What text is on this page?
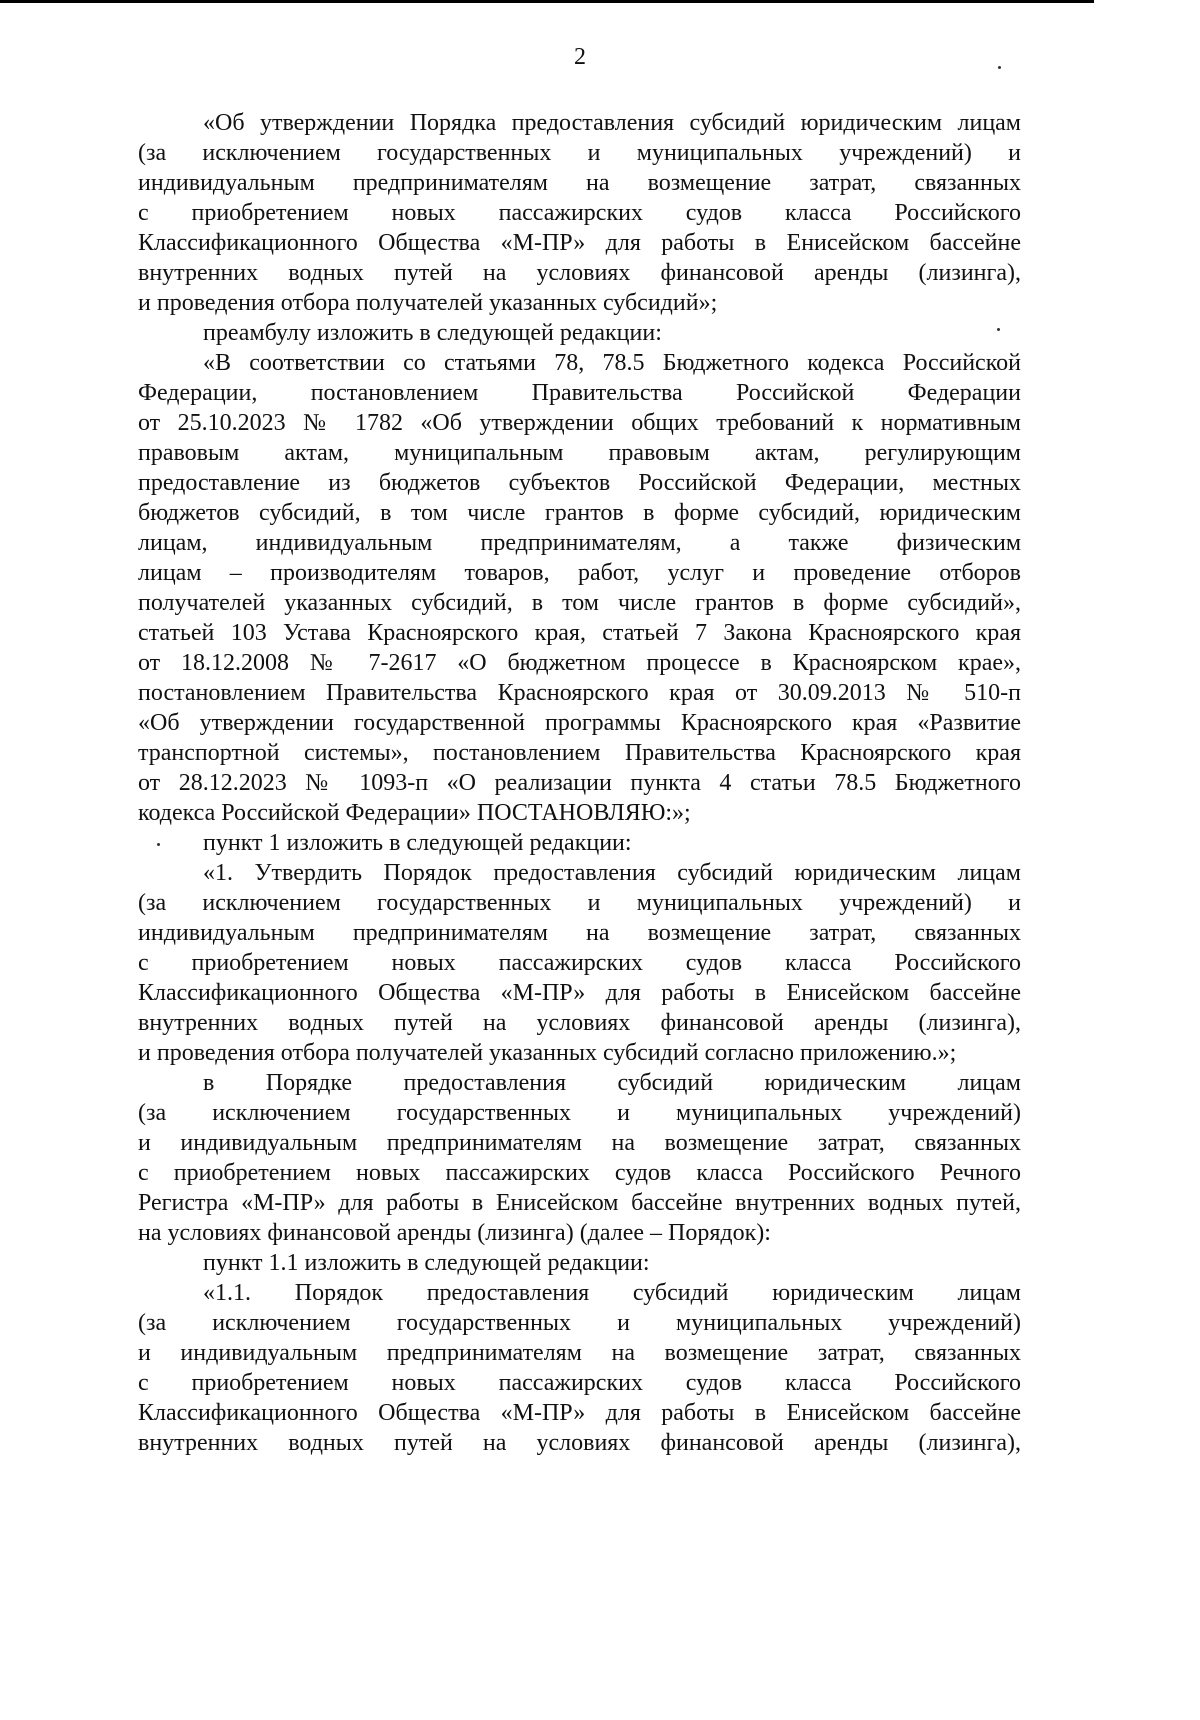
2
«Об утверждении Порядка предоставления субсидий юридическим лицам
(за исключением государственных и муниципальных учреждений) и
индивидуальным предпринимателям на возмещение затрат, связанных
с приобретением новых пассажирских судов класса Российского
Классификационного Общества «М-ПР» для работы в Енисейском бассейне
внутренних водных путей на условиях финансовой аренды (лизинга),
и проведения отбора получателей указанных субсидий»;
преамбулу изложить в следующей редакции:
«В соответствии со статьями 78, 78.5 Бюджетного кодекса Российской
Федерации, постановлением Правительства Российской Федерации
от 25.10.2023 № 1782 «Об утверждении общих требований к нормативным
правовым актам, муниципальным правовым актам, регулирующим
предоставление из бюджетов субъектов Российской Федерации, местных
бюджетов субсидий, в том числе грантов в форме субсидий, юридическим
лицам, индивидуальным предпринимателям, а также физическим
лицам – производителям товаров, работ, услуг и проведение отборов
получателей указанных субсидий, в том числе грантов в форме субсидий»,
статьей 103 Устава Красноярского края, статьей 7 Закона Красноярского края
от 18.12.2008 № 7-2617 «О бюджетном процессе в Красноярском крае»,
постановлением Правительства Красноярского края от 30.09.2013 № 510-п
«Об утверждении государственной программы Красноярского края «Развитие
транспортной системы», постановлением Правительства Красноярского края
от 28.12.2023 № 1093-п «О реализации пункта 4 статьи 78.5 Бюджетного
кодекса Российской Федерации» ПОСТАНОВЛЯЮ:»;
пункт 1 изложить в следующей редакции:
«1. Утвердить Порядок предоставления субсидий юридическим лицам
(за исключением государственных и муниципальных учреждений) и
индивидуальным предпринимателям на возмещение затрат, связанных
с приобретением новых пассажирских судов класса Российского
Классификационного Общества «М-ПР» для работы в Енисейском бассейне
внутренних водных путей на условиях финансовой аренды (лизинга),
и проведения отбора получателей указанных субсидий согласно приложению.»;
в Порядке предоставления субсидий юридическим лицам
(за исключением государственных и муниципальных учреждений)
и индивидуальным предпринимателям на возмещение затрат, связанных
с приобретением новых пассажирских судов класса Российского Речного
Регистра «М-ПР» для работы в Енисейском бассейне внутренних водных путей,
на условиях финансовой аренды (лизинга) (далее – Порядок):
пункт 1.1 изложить в следующей редакции:
«1.1. Порядок предоставления субсидий юридическим лицам
(за исключением государственных и муниципальных учреждений)
и индивидуальным предпринимателям на возмещение затрат, связанных
с приобретением новых пассажирских судов класса Российского
Классификационного Общества «М-ПР» для работы в Енисейском бассейне
внутренних водных путей на условиях финансовой аренды (лизинга),
